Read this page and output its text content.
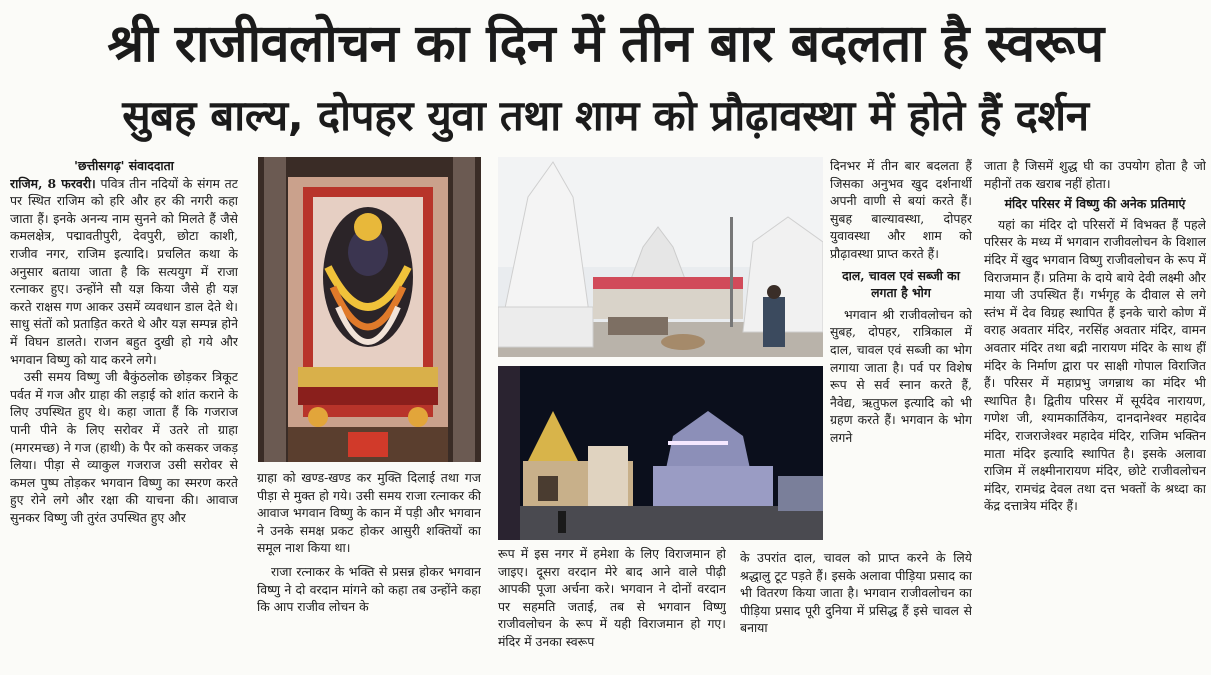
श्री राजीवलोचन का दिन में तीन बार बदलता है स्वरूप
सुबह बाल्य, दोपहर युवा तथा शाम को प्रौढ़ावस्था में होते हैं दर्शन
'छत्तीसगढ़' संवाददाता

राजिम, 8 फरवरी। पवित्र तीन नदियों के संगम तट पर स्थित राजिम को हरि और हर की नगरी कहा जाता हैं। इनके अनन्य नाम सुनने को मिलते हैं जैसे कमलक्षेत्र, पद्मावतीपुरी, देवपुरी, छोटा काशी, राजीव नगर, राजिम इत्यादि। प्रचलित कथा के अनुसार बताया जाता है कि सत्ययुग में राजा रत्नाकर हुए। उन्होंने सौ यज्ञ किया जैसे ही यज्ञ करते राक्षस गण आकर उसमें व्यवधान डाल देते थे। साधु संतों को प्रताड़ित करते थे और यज्ञ सम्पन्न होने में विघन डालते। राजन बहुत दुखी हो गये और भगवान विष्णु को याद करने लगे।

उसी समय विष्णु जी बैकुंठलोक छोड़कर त्रिकूट पर्वत में गज और ग्राहा की लड़ाई को शांत कराने के लिए उपस्थित हुए थे। कहा जाता हैं कि गजराज पानी पीने के लिए सरोवर में उतरे तो ग्राहा (मगरमच्छ) ने गज (हाथी) के पैर को कसकर जकड़ लिया। पीड़ा से व्याकुल गजराज उसी सरोवर से कमल पुष्प तोड़कर भगवान विष्णु का स्मरण करते हुए रोने लगे और रक्षा की याचना की। आवाज सुनकर विष्णु जी तुरंत उपस्थित हुए और

ग्राहा को खण्ड-खण्ड कर मुक्ति दिलाई तथा गज पीड़ा से मुक्त हो गये। उसी समय राजा रत्नाकर की आवाज भगवान विष्णु के कान में पड़ी और भगवान ने उनके समक्ष प्रकट होकर आसुरी शक्तियों का समूल नाश किया था।

राजा रत्नाकर के भक्ति से प्रसन्न होकर भगवान विष्णु ने दो वरदान मांगने को कहा तब उन्होंने कहा कि आप राजीव लोचन के

रूप में इस नगर में हमेशा के लिए विराजमान हो जाइए। दूसरा वरदान मेरे बाद आने वाले पीढ़ी आपकी पूजा अर्चना करे। भगवान ने दोनों वरदान पर सहमति जताई, तब से भगवान विष्णु राजीवलोचन के रूप में यही विराजमान हो गए। मंदिर में उनका स्वरूप

दिनभर में तीन बार बदलता हैं जिसका अनुभव खुद दर्शनार्थी अपनी वाणी से बयां करते हैं। सुबह बाल्यावस्था, दोपहर युवावस्था और शाम को प्रौढ़ावस्था प्राप्त करते हैं।

दाल, चावल एवं सब्जी का लगता है भोग

भगवान श्री राजीवलोचन को सुबह, दोपहर, रात्रिकाल में दाल, चावल एवं सब्जी का भोग लगाया जाता है। पर्व पर विशेष रूप से सर्व स्नान करते हैं, नैवेद्य, ऋतुफल इत्यादि को भी ग्रहण करते हैं। भगवान के भोग लगने

के उपरांत दाल, चावल को प्राप्त करने के लिये श्रद्धालु टूट पड़ते हैं। इसके अलावा पीड़िया प्रसाद का भी वितरण किया जाता है। भगवान राजीवलोचन का पीड़िया प्रसाद पूरी दुनिया में प्रसिद्ध हैं इसे चावल से बनाया

जाता है जिसमें शुद्ध घी का उपयोग होता है जो महीनों तक खराब नहीं होता।

मंदिर परिसर में विष्णु की अनेक प्रतिमाएं

यहां का मंदिर दो परिसरों में विभक्त हैं पहले परिसर के मध्य में भगवान राजीवलोचन के विशाल मंदिर में खुद भगवान विष्णु राजीवलोचन के रूप में विराजमान हैं। प्रतिमा के दाये बाये देवी लक्ष्मी और माया जी उपस्थित हैं। गर्भगृह के दीवाल से लगे स्तंभ में देव विग्रह स्थापित हैं इनके चारो कोण में वराह अवतार मंदिर, नरसिंह अवतार मंदिर, वामन अवतार मंदिर तथा बद्री नारायण मंदिर के साथ हीं मंदिर के निर्माण द्वारा पर साक्षी गोपाल विराजित हैं। परिसर में महाप्रभु जगन्नाथ का मंदिर भी स्थापित है। द्वितीय परिसर में सूर्यदेव नारायण, गणेश जी, श्यामकार्तिकेय, दानदानेश्वर महादेव मंदिर, राजराजेश्वर महादेव मंदिर, राजिम भक्तिन माता मंदिर इत्यादि स्थापित है। इसके अलावा राजिम में लक्ष्मीनारायण मंदिर, छोटे राजीवलोचन मंदिर, रामचंद्र देवल तथा दत्त भक्तों के श्रध्दा का केंद्र दत्तात्रेय मंदिर हैं।
